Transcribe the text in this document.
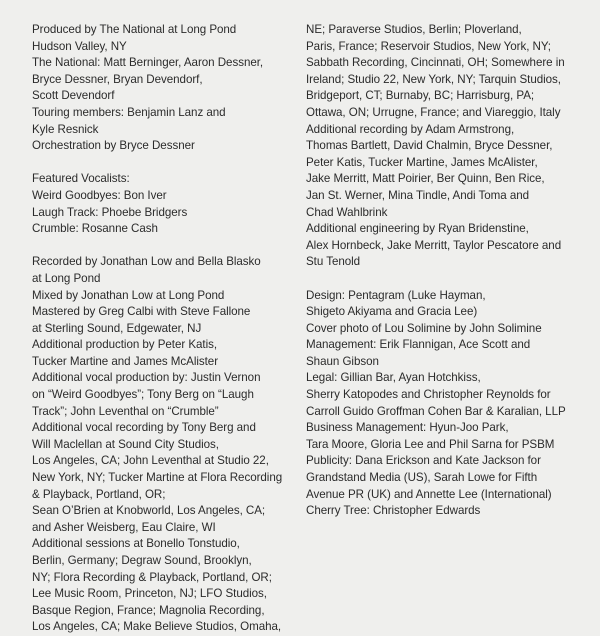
Produced by The National at Long Pond
Hudson Valley, NY
The National: Matt Berninger, Aaron Dessner,
Bryce Dessner, Bryan Devendorf,
Scott Devendorf
Touring members: Benjamin Lanz and
Kyle Resnick
Orchestration by Bryce Dessner
Featured Vocalists:
Weird Goodbyes: Bon Iver
Laugh Track: Phoebe Bridgers
Crumble: Rosanne Cash
Recorded by Jonathan Low and Bella Blasko
at Long Pond
Mixed by Jonathan Low at Long Pond
Mastered by Greg Calbi with Steve Fallone
at Sterling Sound, Edgewater, NJ
Additional production by Peter Katis,
Tucker Martine and James McAlister
Additional vocal production by: Justin Vernon
on “Weird Goodbyes”; Tony Berg on “Laugh
Track”; John Leventhal on “Crumble”
Additional vocal recording by Tony Berg and
Will Maclellan at Sound City Studios,
Los Angeles, CA; John Leventhal at Studio 22,
New York, NY; Tucker Martine at Flora Recording
& Playback, Portland, OR;
Sean O’Brien at Knobworld, Los Angeles, CA;
and Asher Weisberg, Eau Claire, WI
Additional sessions at Bonello Tonstudio,
Berlin, Germany; Degraw Sound, Brooklyn,
NY; Flora Recording & Playback, Portland, OR;
Lee Music Room, Princeton, NJ; LFO Studios,
Basque Region, France; Magnolia Recording,
Los Angeles, CA; Make Believe Studios, Omaha,
NE; Paraverse Studios, Berlin; Ploverland,
Paris, France; Reservoir Studios, New York, NY;
Sabbath Recording, Cincinnati, OH; Somewhere in
Ireland; Studio 22, New York, NY; Tarquin Studios,
Bridgeport, CT; Burnaby, BC; Harrisburg, PA;
Ottawa, ON; Urrugne, France; and Viareggio, Italy
Additional recording by Adam Armstrong,
Thomas Bartlett, David Chalmin, Bryce Dessner,
Peter Katis, Tucker Martine, James McAlister,
Jake Merritt, Matt Poirier, Ber Quinn, Ben Rice,
Jan St. Werner, Mina Tindle, Andi Toma and
Chad Wahlbrink
Additional engineering by Ryan Bridenstine,
Alex Hornbeck, Jake Merritt, Taylor Pescatore and
Stu Tenold
Design: Pentagram (Luke Hayman,
Shigeto Akiyama and Gracia Lee)
Cover photo of Lou Solimine by John Solimine
Management: Erik Flannigan, Ace Scott and
Shaun Gibson
Legal: Gillian Bar, Ayan Hotchkiss,
Sherry Katopodes and Christopher Reynolds for
Carroll Guido Groffman Cohen Bar & Karalian, LLP
Business Management: Hyun-Joo Park,
Tara Moore, Gloria Lee and Phil Sarna for PSBM
Publicity: Dana Erickson and Kate Jackson for
Grandstand Media (US), Sarah Lowe for Fifth
Avenue PR (UK) and Annette Lee (International)
Cherry Tree: Christopher Edwards
